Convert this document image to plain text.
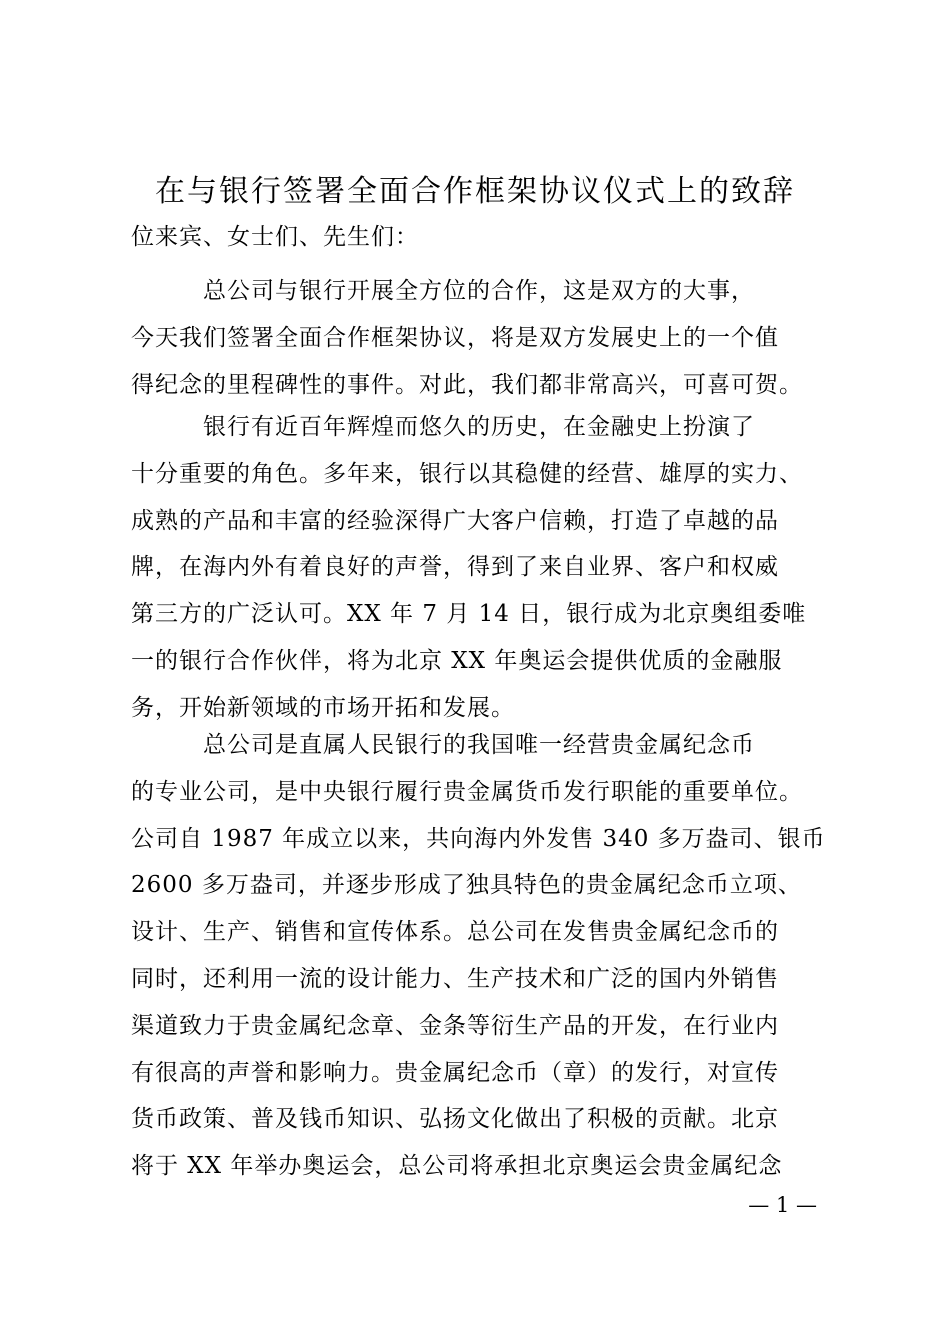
在与银行签署全面合作框架协议仪式上的致辞
位来宾、女士们、先生们：
　　　总公司与银行开展全方位的合作，这是双方的大事，
今天我们签署全面合作框架协议，将是双方发展史上的一个值
得纪念的里程碑性的事件。对此，我们都非常高兴，可喜可贺。
　　　银行有近百年辉煌而悠久的历史，在金融史上扮演了
十分重要的角色。多年来，银行以其稳健的经营、雄厚的实力、
成熟的产品和丰富的经验深得广大客户信赖，打造了卓越的品
牌，在海内外有着良好的声誉，得到了来自业界、客户和权威
第三方的广泛认可。XX 年 7 月 14 日，银行成为北京奥组委唯
一的银行合作伙伴，将为北京 XX 年奥运会提供优质的金融服
务，开始新领域的市场开拓和发展。
　　　总公司是直属人民银行的我国唯一经营贵金属纪念币
的专业公司，是中央银行履行贵金属货币发行职能的重要单位。
公司自 1987 年成立以来，共向海内外发售 340 多万盎司、银币
2600 多万盎司，并逐步形成了独具特色的贵金属纪念币立项、
设计、生产、销售和宣传体系。总公司在发售贵金属纪念币的
同时，还利用一流的设计能力、生产技术和广泛的国内外销售
渠道致力于贵金属纪念章、金条等衍生产品的开发，在行业内
有很高的声誉和影响力。贵金属纪念币（章）的发行，对宣传
货币政策、普及钱币知识、弘扬文化做出了积极的贡献。北京
将于 XX 年举办奥运会，总公司将承担北京奥运会贵金属纪念
— 1 —
